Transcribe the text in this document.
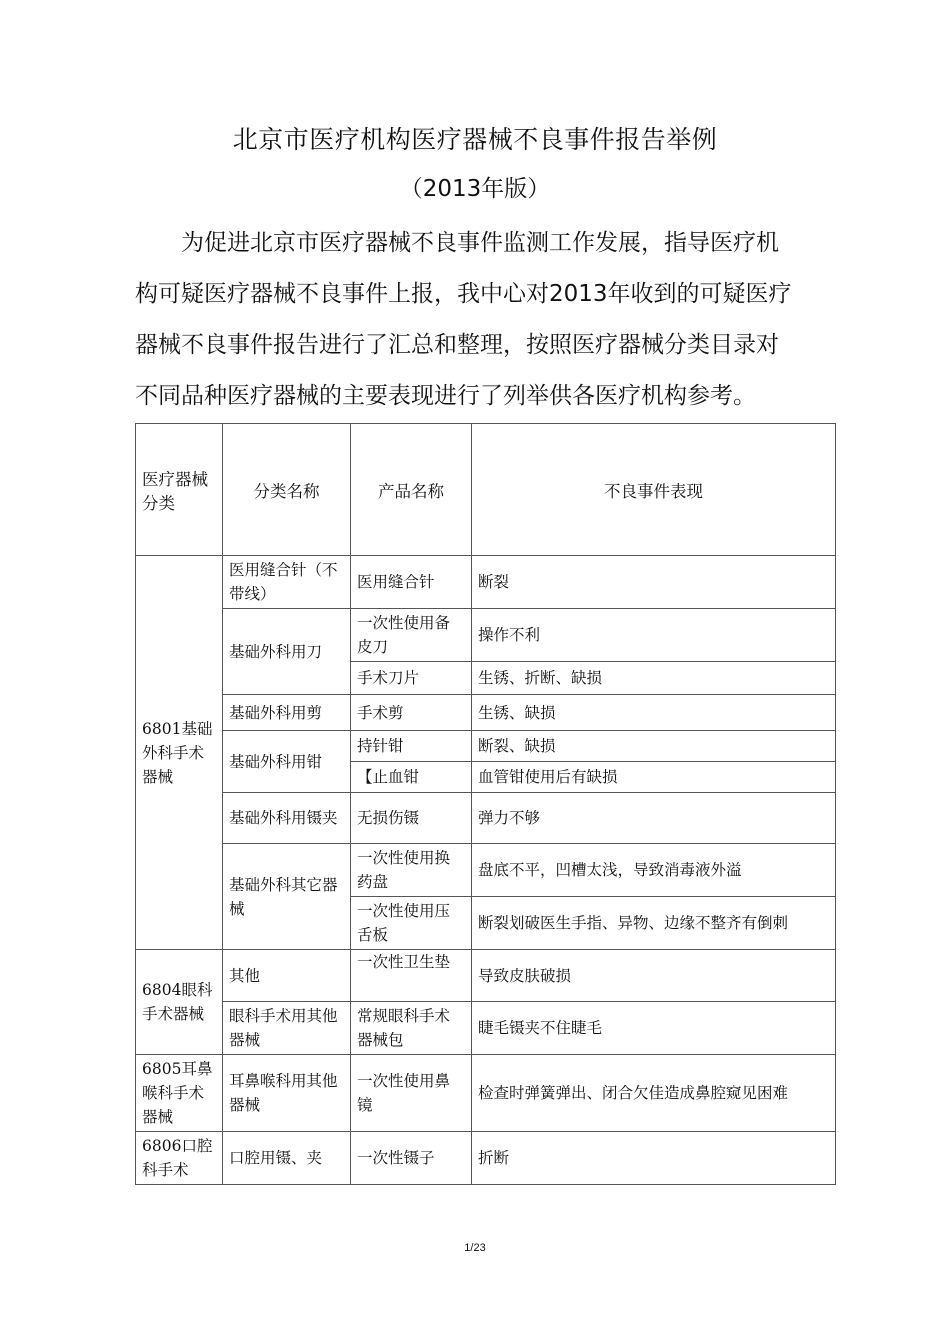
北京市医疗机构医疗器械不良事件报告举例
（2013年版）
为促进北京市医疗器械不良事件监测工作发展，指导医疗机
构可疑医疗器械不良事件上报，我中心对2013年收到的可疑医疗
器械不良事件报告进行了汇总和整理，按照医疗器械分类目录对
不同品种医疗器械的主要表现进行了列举供各医疗机构参考。
医疗器械分类	分类名称	产品名称	不良事件表现
6801基础外科手术器械	医用缝合针（不带线）	医用缝合针	断裂
	基础外科用刀	一次性使用备皮刀	操作不利
		手术刀片	生锈、折断、缺损
	基础外科用剪	手术剪	生锈、缺损
	基础外科用钳	持针钳	断裂、缺损
		【止血钳	血管钳使用后有缺损
	基础外科用镊夹	无损伤镊	弹力不够
	基础外科其它器械	一次性使用换药盘	盘底不平，凹槽太浅，导致消毒液外溢
		一次性使用压舌板	断裂划破医生手指、异物、边缘不整齐有倒刺

6804眼科手术器械	其他	一次性卫生垫	导致皮肤破损
	眼科手术用其他器械	常规眼科手术器械包	睫毛镊夹不住睫毛
6805耳鼻喉科手术器械	耳鼻喉科用其他器械	一次性使用鼻镜	检查时弹簧弹出、闭合欠佳造成鼻腔窥见困难
6806口腔科手术	口腔用镊、夹	一次性镊子	折断
1/23
